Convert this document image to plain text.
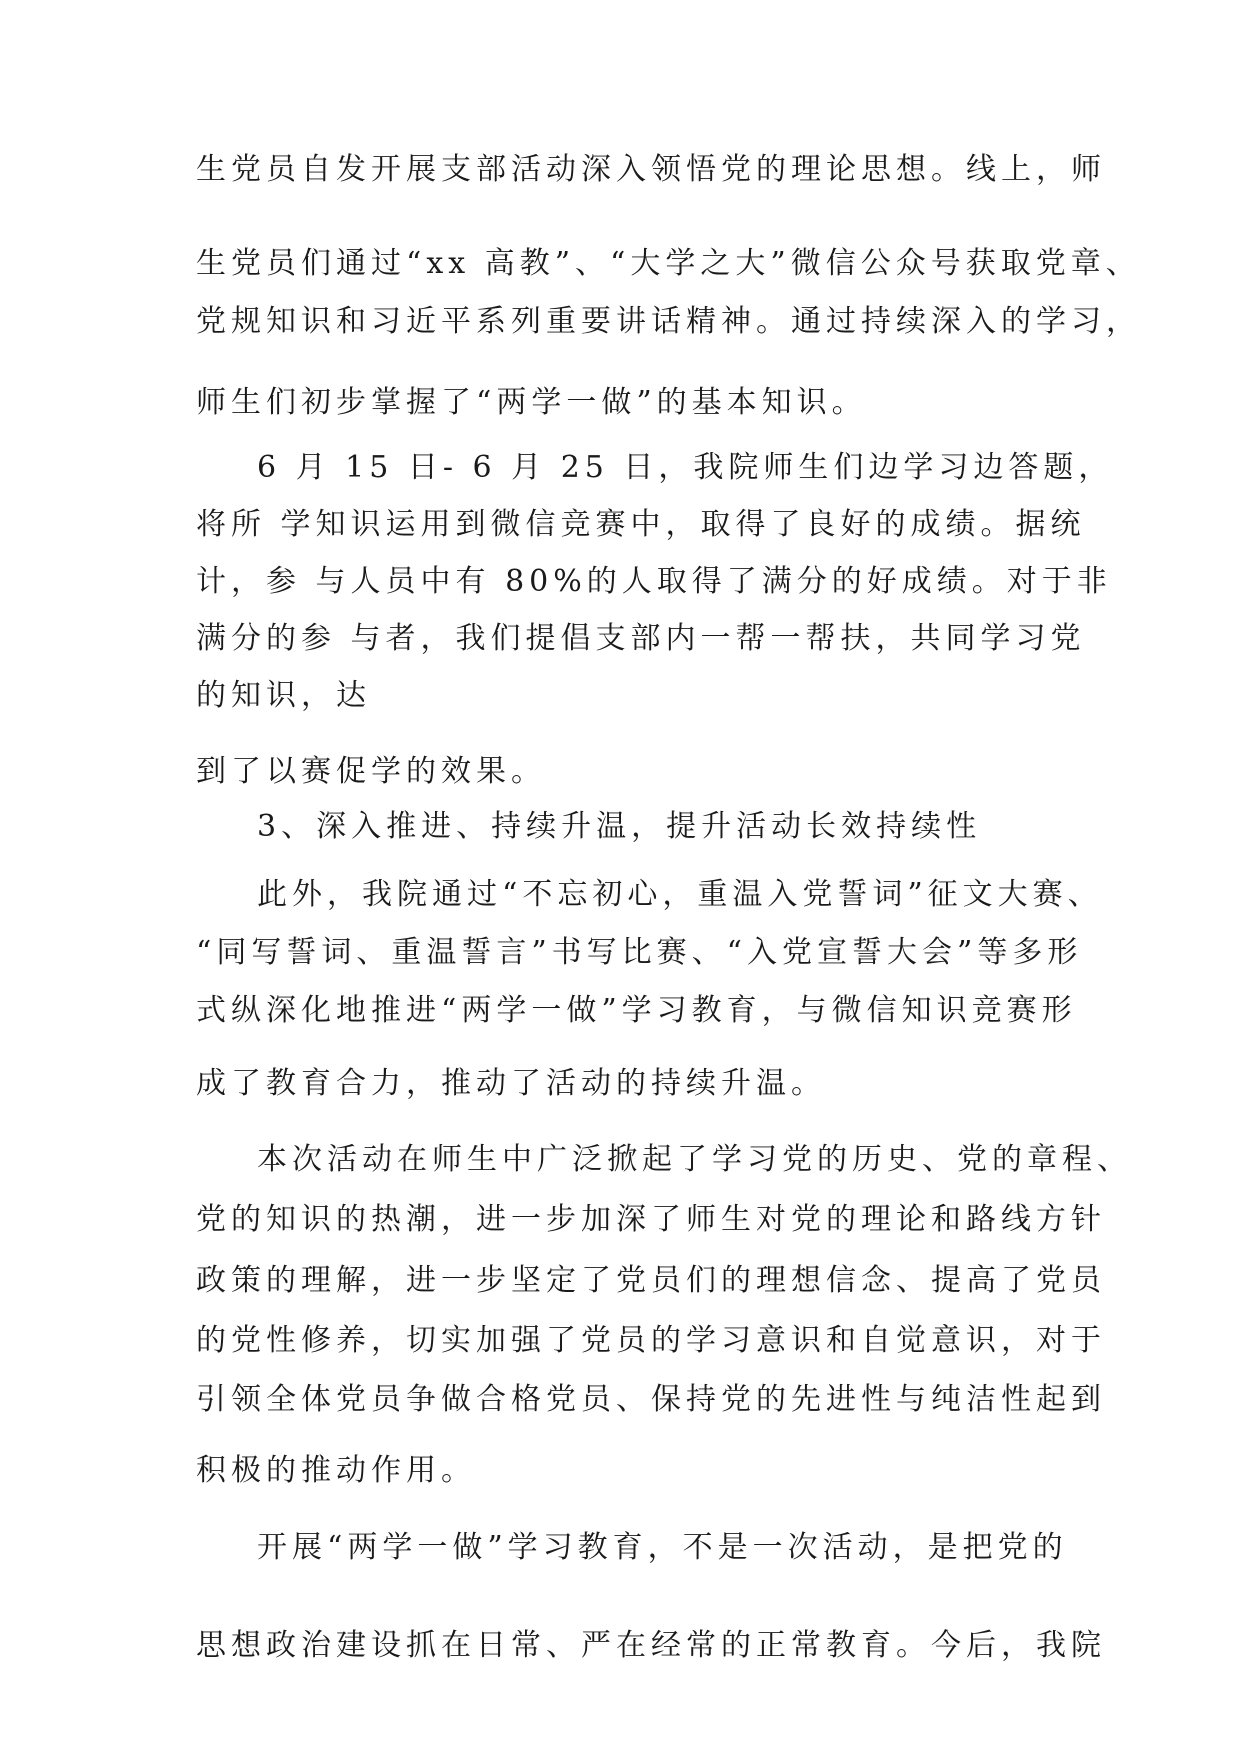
生党员自发开展支部活动深入领悟党的理论思想。线上，师

生党员们通过“xx 高教”、“大学之大”微信公众号获取党章、

党规知识和习近平系列重要讲话精神。通过持续深入的学习，

师生们初步掌握了“两学一做”的基本知识。

6 月 15 日- 6 月 25 日，我院师生们边学习边答题，

将所 学知识运用到微信竞赛中，取得了良好的成绩。据统

计，参 与人员中有 80%的人取得了满分的好成绩。对于非

满分的参 与者，我们提倡支部内一帮一帮扶，共同学习党

的知识，达

到了以赛促学的效果。

3、深入推进、持续升温，提升活动长效持续性

此外，我院通过“不忘初心，重温入党誓词”征文大赛、

“同写誓词、重温誓言”书写比赛、“入党宣誓大会”等多形

式纵深化地推进“两学一做”学习教育，与微信知识竞赛形

成了教育合力，推动了活动的持续升温。

本次活动在师生中广泛掀起了学习党的历史、党的章程、

党的知识的热潮，进一步加深了师生对党的理论和路线方针

政策的理解，进一步坚定了党员们的理想信念、提高了党员

的党性修养，切实加强了党员的学习意识和自觉意识，对于

引领全体党员争做合格党员、保持党的先进性与纯洁性起到

积极的推动作用。

开展“两学一做”学习教育，不是一次活动，是把党的

思想政治建设抓在日常、严在经常的正常教育。今后，我院
